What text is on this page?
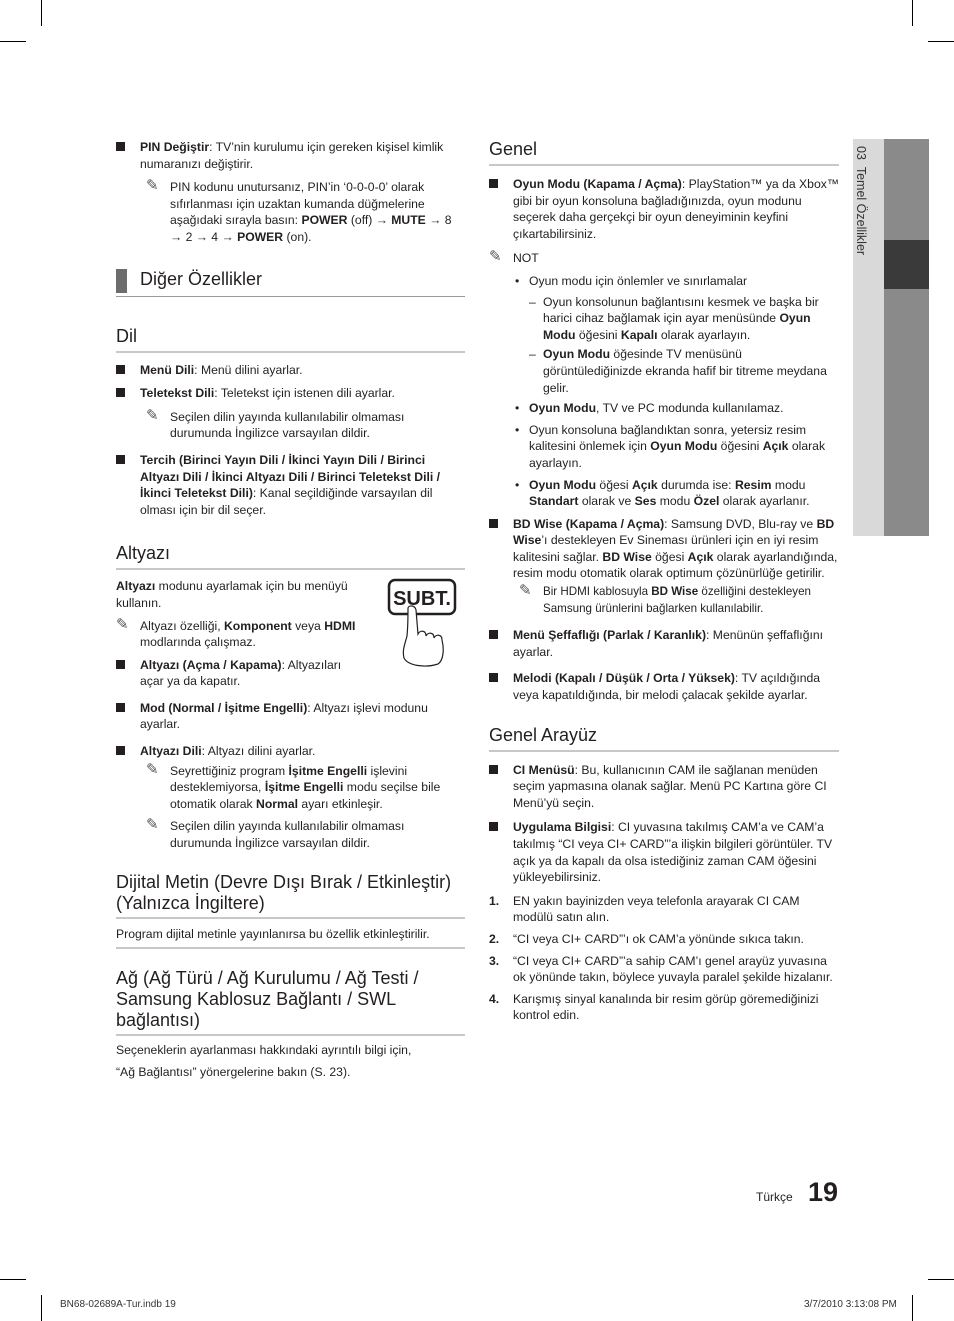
03  Temel Özellikler
PIN Değiştir: TV’nin kurulumu için gereken kişisel kimlik numaranızı değiştirir.
✎ PIN kodunu unutursanız, PIN’in ‘0-0-0-0’ olarak sıfırlanması için uzaktan kumanda düğmelerine aşağıdaki sırayla basın: POWER (off) → MUTE → 8 → 2 → 4 → POWER (on).
Diğer Özellikler
Dil
Menü Dili: Menü dilini ayarlar.
Teletekst Dili: Teletekst için istenen dili ayarlar.
✎ Seçilen dilin yayında kullanılabilir olmaması durumunda İngilizce varsayılan dildir.
Tercih (Birinci Yayın Dili / İkinci Yayın Dili / Birinci Altyazı Dili / İkinci Altyazı Dili / Birinci Teletekst Dili / İkinci Teletekst Dili): Kanal seçildiğinde varsayılan dil olması için bir dil seçer.
Altyazı
SUBT.

Altyazı modunu ayarlamak için bu menüyü kullanın.

✎ Altyazı özelliği, Komponent veya HDMI modlarında çalışmaz.
Altyazı (Açma / Kapama): Altyazıları açar ya da kapatır.
Mod (Normal / İşitme Engelli): Altyazı işlevi modunu ayarlar.
Altyazı Dili: Altyazı dilini ayarlar.
✎ Seyrettiğiniz program İşitme Engelli işlevini desteklemiyorsa, İşitme Engelli modu seçilse bile otomatik olarak Normal ayarı etkinleşir.
✎ Seçilen dilin yayında kullanılabilir olmaması durumunda İngilizce varsayılan dildir.
Dijital Metin (Devre Dışı Bırak / Etkinleştir) (Yalnızca İngiltere)

Program dijital metinle yayınlanırsa bu özellik etkinleştirilir.

Ağ (Ağ Türü / Ağ Kurulumu / Ağ Testi / Samsung Kablosuz Bağlantı / SWL bağlantısı)

Seçeneklerin ayarlanması hakkındaki ayrıntılı bilgi için,

“Ağ Bağlantısı” yönergelerine bakın (S. 23).

Genel
Oyun Modu (Kapama / Açma): PlayStation™ ya da Xbox™ gibi bir oyun konsoluna bağladığınızda, oyun modunu seçerek daha gerçekçi bir oyun deneyiminin keyfini çıkartabilirsiniz.
✎ NOT
• Oyun modu için önlemler ve sınırlamalar
– Oyun konsolunun bağlantısını kesmek ve başka bir harici cihaz bağlamak için ayar menüsünde Oyun Modu öğesini Kapalı olarak ayarlayın.
– Oyun Modu öğesinde TV menüsünü görüntülediğinizde ekranda hafif bir titreme meydana gelir.
• Oyun Modu, TV ve PC modunda kullanılamaz.
• Oyun konsoluna bağlandıktan sonra, yetersiz resim kalitesini önlemek için Oyun Modu öğesini Açık olarak ayarlayın.
• Oyun Modu öğesi Açık durumda ise: Resim modu Standart olarak ve Ses modu Özel olarak ayarlanır.
BD Wise (Kapama / Açma): Samsung DVD, Blu-ray ve BD Wise’ı destekleyen Ev Sineması ürünleri için en iyi resim kalitesini sağlar. BD Wise öğesi Açık olarak ayarlandığında, resim modu otomatik olarak optimum çözünürlüğe getirilir.
✎ Bir HDMI kablosuyla BD Wise özelliğini destekleyen Samsung ürünlerini bağlarken kullanılabilir.
Menü Şeffaflığı (Parlak / Karanlık): Menünün şeffaflığını ayarlar.
Melodi (Kapalı / Düşük / Orta / Yüksek): TV açıldığında veya kapatıldığında, bir melodi çalacak şekilde ayarlar.
Genel Arayüz
CI Menüsü: Bu, kullanıcının CAM ile sağlanan menüden seçim yapmasına olanak sağlar. Menü PC Kartına göre CI Menü’yü seçin.
Uygulama Bilgisi: CI yuvasına takılmış CAM’a ve CAM’a takılmış “CI veya CI+ CARD”’a ilişkin bilgileri görüntüler. TV açık ya da kapalı da olsa istediğiniz zaman CAM öğesini yükleyebilirsiniz.
1. EN yakın bayinizden veya telefonla arayarak CI CAM modülü satın alın.
2. “CI veya CI+ CARD”’ı ok CAM’a yönünde sıkıca takın.
3. “CI veya CI+ CARD”’a sahip CAM’ı genel arayüz yuvasına ok yönünde takın, böylece yuvayla paralel şekilde hizalanır.
4. Karışmış sinyal kanalında bir resim görüp göremediğinizi kontrol edin.
Türkçe 19
BN68-02689A-Tur.indb 19	3/7/2010 3:13:08 PM
